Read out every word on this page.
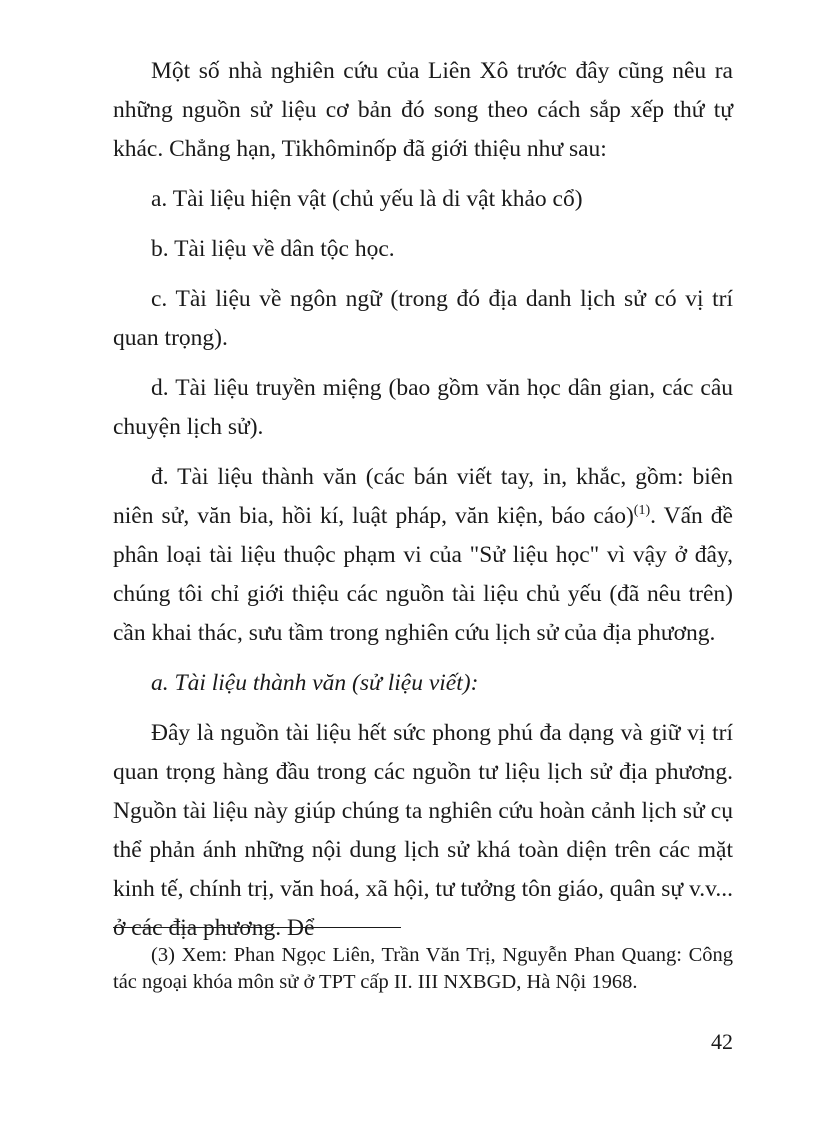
Một số nhà nghiên cứu của Liên Xô trước đây cũng nêu ra những nguồn sử liệu cơ bản đó song theo cách sắp xếp thứ tự khác. Chẳng hạn, Tikhôminốp đã giới thiệu như sau:

a. Tài liệu hiện vật (chủ yếu là di vật khảo cổ)

b. Tài liệu về dân tộc học.

c. Tài liệu về ngôn ngữ (trong đó địa danh lịch sử có vị trí quan trọng).

d. Tài liệu truyền miệng (bao gồm văn học dân gian, các câu chuyện lịch sử).

đ. Tài liệu thành văn (các bán viết tay, in, khắc, gồm: biên niên sử, văn bia, hồi kí, luật pháp, văn kiện, báo cáo)$^{(1)}$. Vấn đề phân loại tài liệu thuộc phạm vi của "Sử liệu học" vì vậy ở đây, chúng tôi chỉ giới thiệu các nguồn tài liệu chủ yếu (đã nêu trên) cần khai thác, sưu tầm trong nghiên cứu lịch sử của địa phương.

a. Tài liệu thành văn (sử liệu viết):

Đây là nguồn tài liệu hết sức phong phú đa dạng và giữ vị trí quan trọng hàng đầu trong các nguồn tư liệu lịch sử địa phương. Nguồn tài liệu này giúp chúng ta nghiên cứu hoàn cảnh lịch sử cụ thể phản ánh những nội dung lịch sử khá toàn diện trên các mặt kinh tế, chính trị, văn hoá, xã hội, tư tưởng tôn giáo, quân sự v.v... ở các địa phương. Để

(3) Xem: Phan Ngọc Liên, Trần Văn Trị, Nguyễn Phan Quang: Công tác ngoại khóa môn sử ở TPT cấp II. III NXBGD, Hà Nội 1968.

42
